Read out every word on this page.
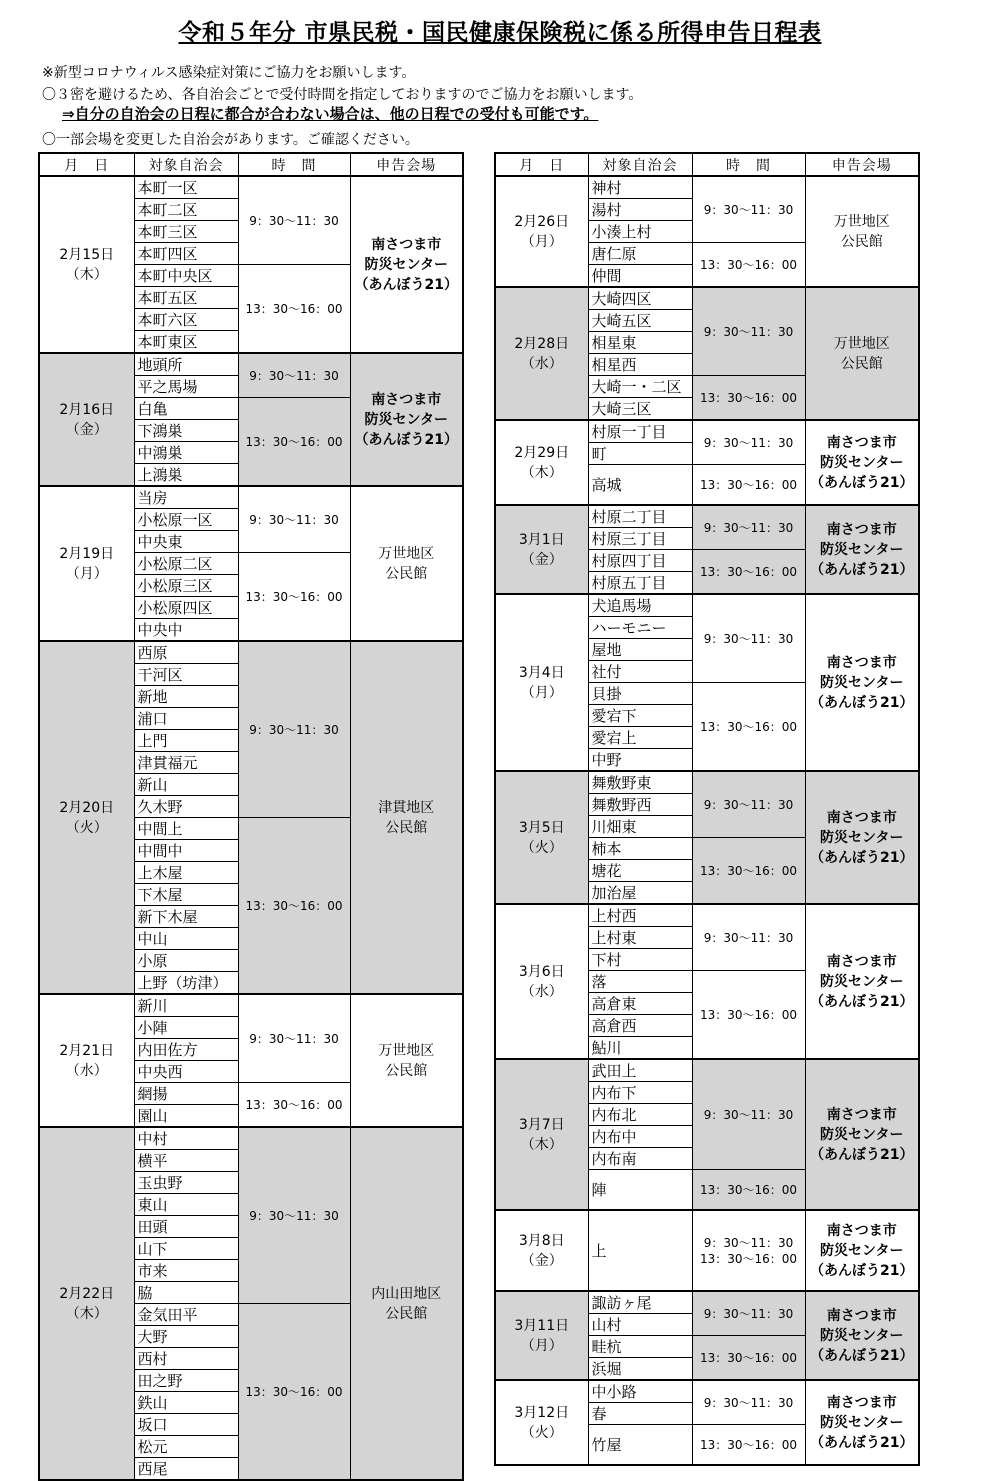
令和５年分 市県民税・国民健康保険税に係る所得申告日程表
※新型コロナウィルス感染症対策にご協力をお願いします。
〇３密を避けるため、各自治会ごとで受付時間を指定しておりますのでご協力をお願いします。
⇒自分の自治会の日程に都合が合わない場合は、他の日程での受付も可能です。
〇一部会場を変更した自治会があります。ご確認ください。
月　日	対象自治会	時　間	申告会場

2月15日
（木）	本町一区	9：30～11：30	南さつま市
防災センター
（あんぼう21）

	本町二区		
	本町三区		
	本町四区		
	本町中央区	13：30～16：00	

	本町五区		
	本町六区		
	本町東区		

2月16日
（金）	地頭所	9：30～11：30	南さつま市
防災センター
（あんぼう21）

	平之馬場		
	白亀	13：30～16：00	

	下鴻巣		
	中鴻巣		
	上鴻巣		

2月19日
（月）	当房	9：30～11：30	万世地区
公民館

	小松原一区		
	中央東		
	小松原二区	13：30～16：00	

	小松原三区		
	小松原四区		
	中央中		

2月20日
（火）	西原	9：30～11：30	津貫地区
公民館

	干河区		
	新地		
	浦口		
	上門		
	津貫福元		
	新山		
	久木野		
	中間上	13：30～16：00	

	中間中		
	上木屋		
	下木屋		
	新下木屋		
	中山		
	小原		
	上野（坊津）		

2月21日
（水）	新川	9：30～11：30	万世地区
公民館

	小陣		
	内田佐方		
	中央西		
	網揚	13：30～16：00	

	園山		

2月22日
（木）	中村	9：30～11：30	内山田地区
公民館

	横平		
	玉虫野		
	東山		
	田頭		
	山下		
	市来		
	脇		
	金気田平	13：30～16：00	

	大野		
	西村		
	田之野		
	鉄山		
	坂口		
	松元		
	西尾		
月　日	対象自治会	時　間	申告会場

2月26日
（月）	神村	9：30～11：30	万世地区
公民館

	湯村		
	小湊上村		
	唐仁原	13：30～16：00	

	仲間		

2月28日
（水）	大崎四区	9：30～11：30	万世地区
公民館

	大崎五区		
	相星東		
	相星西		
	大崎一・二区	13：30～16：00	

	大崎三区		

2月29日
（木）	村原一丁目	9：30～11：30	南さつま市
防災センター
（あんぼう21）

	町		
	高城	13：30～16：00	

3月1日
（金）	村原二丁目	9：30～11：30	南さつま市
防災センター
（あんぼう21）

	村原三丁目		
	村原四丁目	13：30～16：00	

	村原五丁目		

3月4日
（月）	犬追馬場	9：30～11：30	南さつま市
防災センター
（あんぼう21）

	ハーモニー		
	屋地		
	社付		
	貝掛	13：30～16：00	

	愛宕下		
	愛宕上		
	中野		

3月5日
（火）	舞敷野東	9：30～11：30	南さつま市
防災センター
（あんぼう21）

	舞敷野西		
	川畑東		
	柿本	13：30～16：00	

	塘花		
	加治屋		

3月6日
（水）	上村西	9：30～11：30	南さつま市
防災センター
（あんぼう21）

	上村東		
	下村		
	落	13：30～16：00	

	高倉東		
	高倉西		
	鮎川		

3月7日
（木）	武田上	9：30～11：30	南さつま市
防災センター
（あんぼう21）

	内布下		
	内布北		
	内布中		
	内布南		
	陣	13：30～16：00	

3月8日
（金）	上	9：30～11：30
13：30～16：00	南さつま市
防災センター
（あんぼう21）

3月11日
（月）	諏訪ヶ尾	9：30～11：30	南さつま市
防災センター
（あんぼう21）

	山村		
	畦杭	13：30～16：00	

	浜堀		

3月12日
（火）	中小路	9：30～11：30	南さつま市
防災センター
（あんぼう21）

	春		
	竹屋	13：30～16：00	
